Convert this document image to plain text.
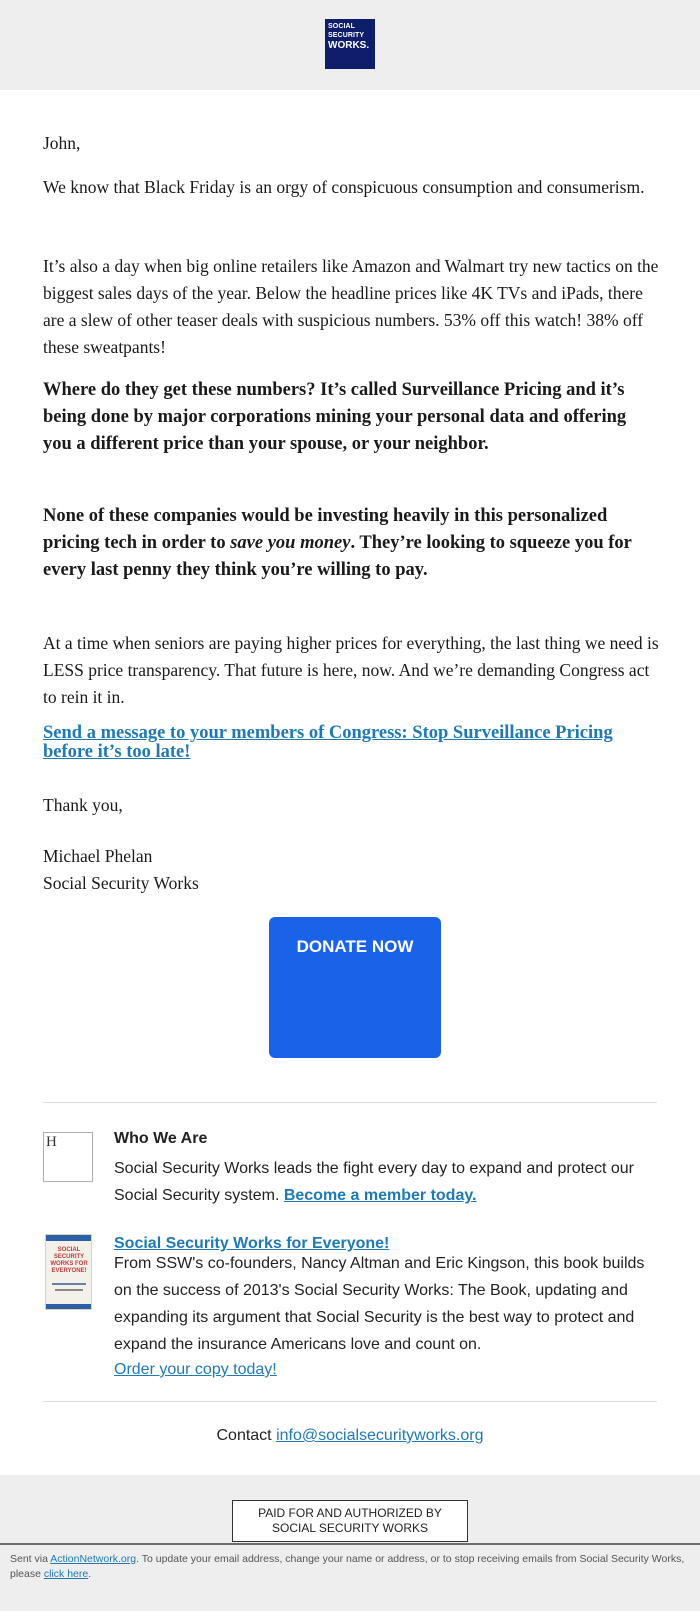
SOCIAL
SECURITY
WORKS.

John,

We know that Black Friday is an orgy of conspicuous consumption and consumerism.

It’s also a day when big online retailers like Amazon and Walmart try new tactics on the biggest sales days of the year. Below the headline prices like 4K TVs and iPads, there are a slew of other teaser deals with suspicious numbers. 53% off this watch! 38% off these sweatpants!

Where do they get these numbers? It’s called Surveillance Pricing and it’s being done by major corporations mining your personal data and offering you a different price than your spouse, or your neighbor.

None of these companies would be investing heavily in this personalized pricing tech in order to save you money. They’re looking to squeeze you for every last penny they think you’re willing to pay.

At a time when seniors are paying higher prices for everything, the last thing we need is LESS price transparency. That future is here, now. And we’re demanding Congress act to rein it in.

Send a message to your members of Congress: Stop Surveillance Pricing before it’s too late!
Thank you,
Michael Phelan
Social Security Works
DONATE NOW
H	Who We Are
Social Security Works leads the fight every day to expand and protect our Social Security system. Become a member today.
SOCIAL SECURITY WORKS FOR EVERYONE!
Social Security Works for Everyone!
From SSW's co-founders, Nancy Altman and Eric Kingson, this book builds on the success of 2013's Social Security Works: The Book, updating and expanding its argument that Social Security is the best way to protect and expand the insurance Americans love and count on.
Order your copy today!
Contact info@socialsecurityworks.org
PAID FOR AND AUTHORIZED BY
SOCIAL SECURITY WORKS
Sent via ActionNetwork.org. To update your email address, change your name or address, or to stop receiving emails from Social Security Works, please click here.
